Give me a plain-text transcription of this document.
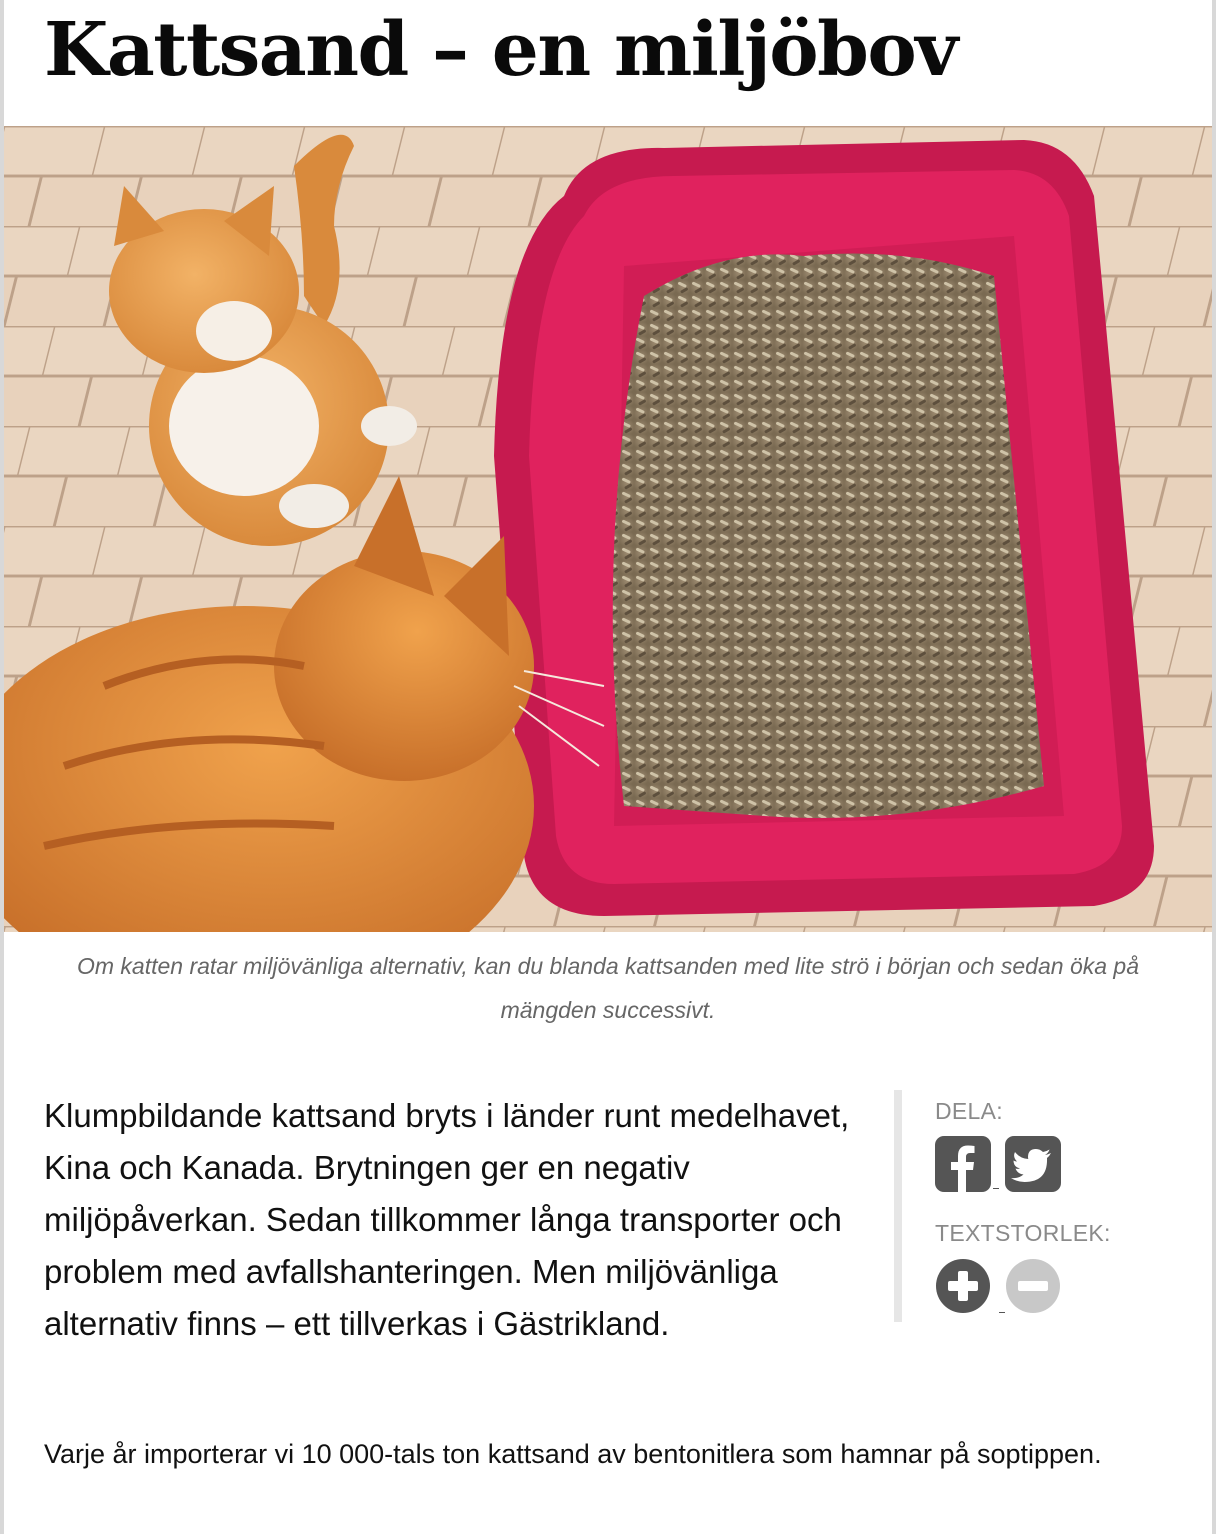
Kattsand – en miljöbov
Om katten ratar miljövänliga alternativ, kan du blanda kattsanden med lite strö i början och sedan öka på mängden successivt.

Klumpbildande kattsand bryts i länder runt medelhavet, Kina och Kanada. Brytningen ger en negativ miljöpåverkan. Sedan tillkommer långa transporter och problem med avfallshanteringen. Men miljövänliga alternativ finns – ett tillverkas i Gästrikland.

DELA:
TEXTSTORLEK:

Varje år importerar vi 10 000-tals ton kattsand av bentonitlera som hamnar på soptippen.
